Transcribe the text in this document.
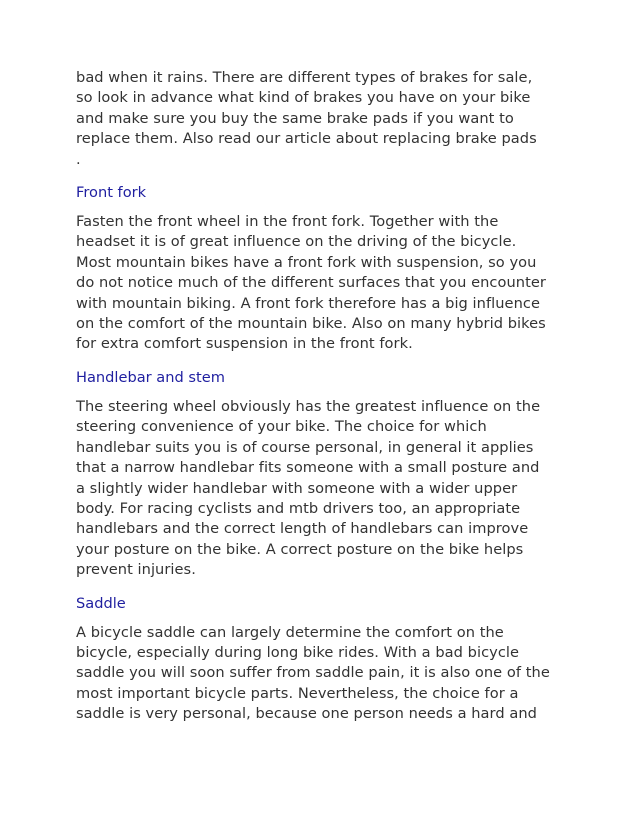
bad when it rains. There are different types of brakes for sale,
so look in advance what kind of brakes you have on your bike
and make sure you buy the same brake pads if you want to
replace them. Also read our article about replacing brake pads
.

Front fork

Fasten the front wheel in the front fork. Together with the
headset it is of great influence on the driving of the bicycle.
Most mountain bikes have a front fork with suspension, so you
do not notice much of the different surfaces that you encounter
with mountain biking. A front fork therefore has a big influence
on the comfort of the mountain bike. Also on many hybrid bikes
for extra comfort suspension in the front fork.

Handlebar and stem

The steering wheel obviously has the greatest influence on the
steering convenience of your bike. The choice for which
handlebar suits you is of course personal, in general it applies
that a narrow handlebar fits someone with a small posture and
a slightly wider handlebar with someone with a wider upper
body. For racing cyclists and mtb drivers too, an appropriate
handlebars and the correct length of handlebars can improve
your posture on the bike. A correct posture on the bike helps
prevent injuries.

Saddle

A bicycle saddle can largely determine the comfort on the
bicycle, especially during long bike rides. With a bad bicycle
saddle you will soon suffer from saddle pain, it is also one of the
most important bicycle parts. Nevertheless, the choice for a
saddle is very personal, because one person needs a hard and
